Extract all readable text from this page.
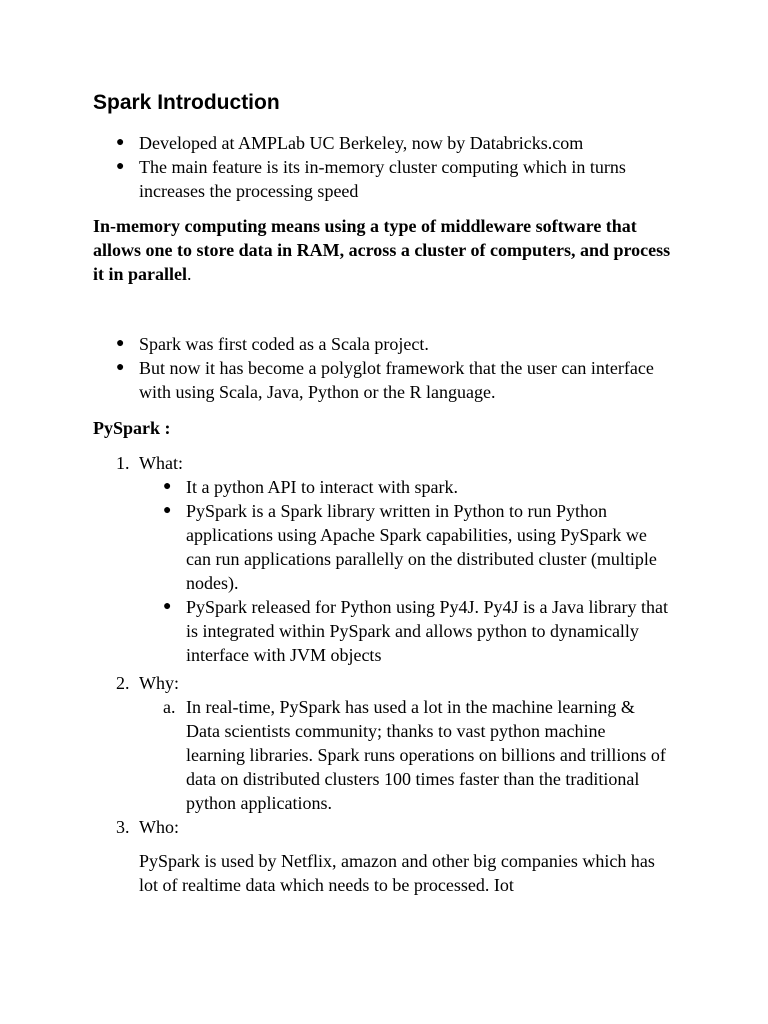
Spark Introduction
● Developed at AMPLab UC Berkeley, now by Databricks.com
● The main feature is its in-memory cluster computing which in turns increases the processing speed

In-memory computing means using a type of middleware software that allows one to store data in RAM, across a cluster of computers, and process it in parallel.

● Spark was first coded as a Scala project.
● But now it has become a polyglot framework that the user can interface with using Scala, Java, Python or the R language.

PySpark :

1. What:
● It a python API to interact with spark.
● PySpark is a Spark library written in Python to run Python applications using Apache Spark capabilities, using PySpark we can run applications parallelly on the distributed cluster (multiple nodes).
● PySpark released for Python using Py4J. Py4J is a Java library that is integrated within PySpark and allows python to dynamically interface with JVM objects
2. Why:
a. In real-time, PySpark has used a lot in the machine learning & Data scientists community; thanks to vast python machine learning libraries. Spark runs operations on billions and trillions of data on distributed clusters 100 times faster than the traditional python applications.
3. Who:

PySpark is used by Netflix, amazon and other big companies which has lot of realtime data which needs to be processed. Iot
